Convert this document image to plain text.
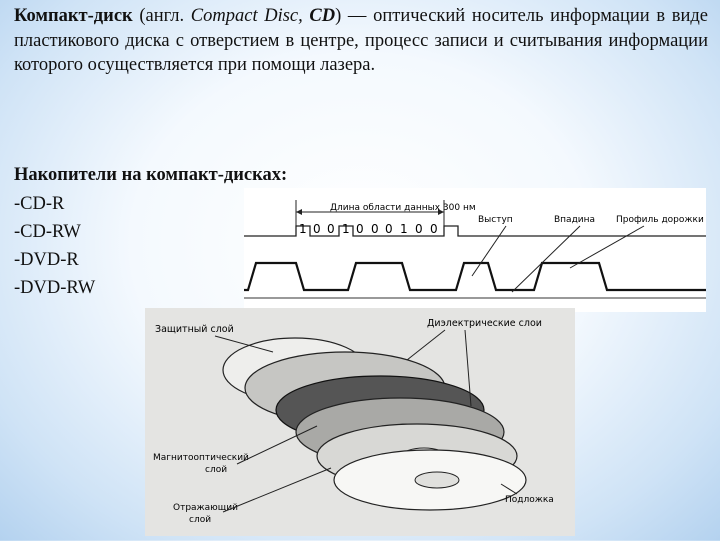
Компакт-диск (англ. Compact Disc, CD) — оптический носитель информации в виде пластикового диска с отверстием в центре, процесс записи и считывания информации которого осуществляется при помощи лазера.
Накопители на компакт-дисках:
-CD-R
-CD-RW
-DVD-R
-DVD-RW
Длина области данных 300 нм
1 0 0 1 0 0 0 1 0 0
Выступ	Впадина Профиль дорожки
Защитный слой
Диэлектрические слои
Магнитооптический
слой
Отражающий
слой
Подложка
